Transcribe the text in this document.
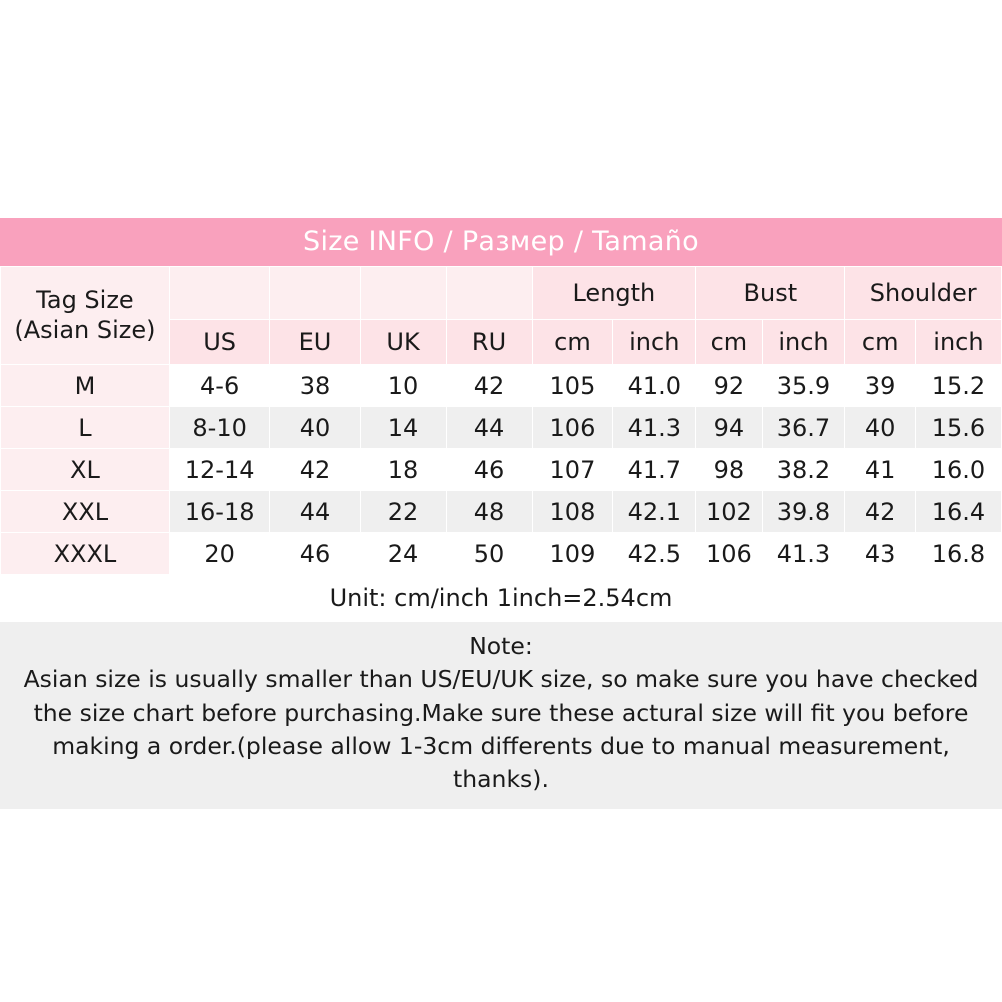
Size INFO / Размер / Tamaño
Tag Size (Asian Size)					Length		Bust		Shoulder	
	US	EU	UK	RU	cm	inch	cm	inch	cm	inch
M	4-6	38	10	42	105	41.0	92	35.9	39	15.2
L	8-10	40	14	44	106	41.3	94	36.7	40	15.6
XL	12-14	42	18	46	107	41.7	98	38.2	41	16.0
XXL	16-18	44	22	48	108	42.1	102	39.8	42	16.4
XXXL	20	46	24	50	109	42.5	106	41.3	43	16.8
Unit: cm/inch 1inch=2.54cm										
Note:
Asian size is usually smaller than US/EU/UK size, so make sure you have checked the size chart before purchasing.Make sure these actural size will fit you before making a order.(please allow 1-3cm differents due to manual measurement, thanks).
